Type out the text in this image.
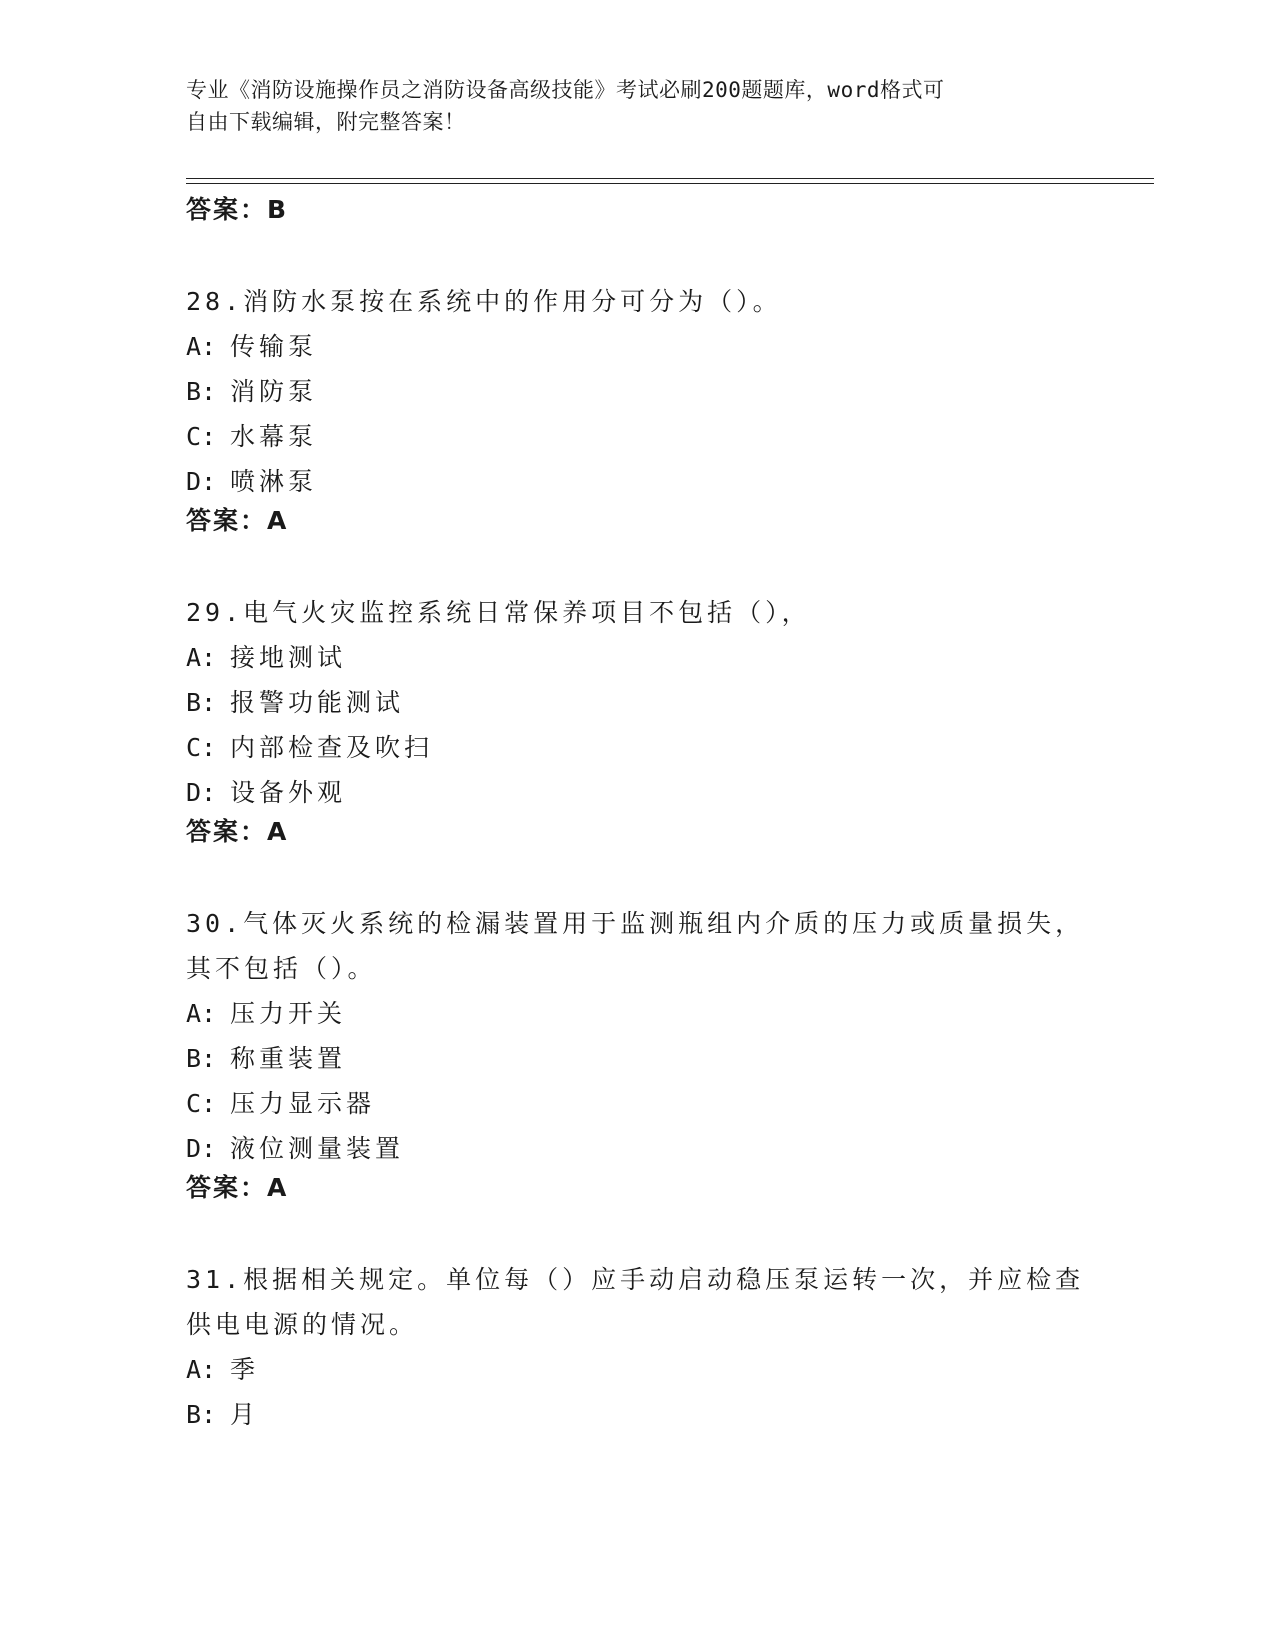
专业《消防设施操作员之消防设备高级技能》考试必刷200题题库，word格式可
自由下载编辑，附完整答案！
答案：B
28.消防水泵按在系统中的作用分可分为（）。
A: 传输泵
B: 消防泵
C: 水幕泵
D: 喷淋泵
答案：A
29.电气火灾监控系统日常保养项目不包括（），
A: 接地测试
B: 报警功能测试
C: 内部检查及吹扫
D: 设备外观
答案：A
30.气体灭火系统的检漏装置用于监测瓶组内介质的压力或质量损失，
其不包括（）。
A: 压力开关
B: 称重装置
C: 压力显示器
D: 液位测量装置
答案：A
31.根据相关规定。单位每（）应手动启动稳压泵运转一次，并应检查
供电电源的情况。
A: 季
B: 月
